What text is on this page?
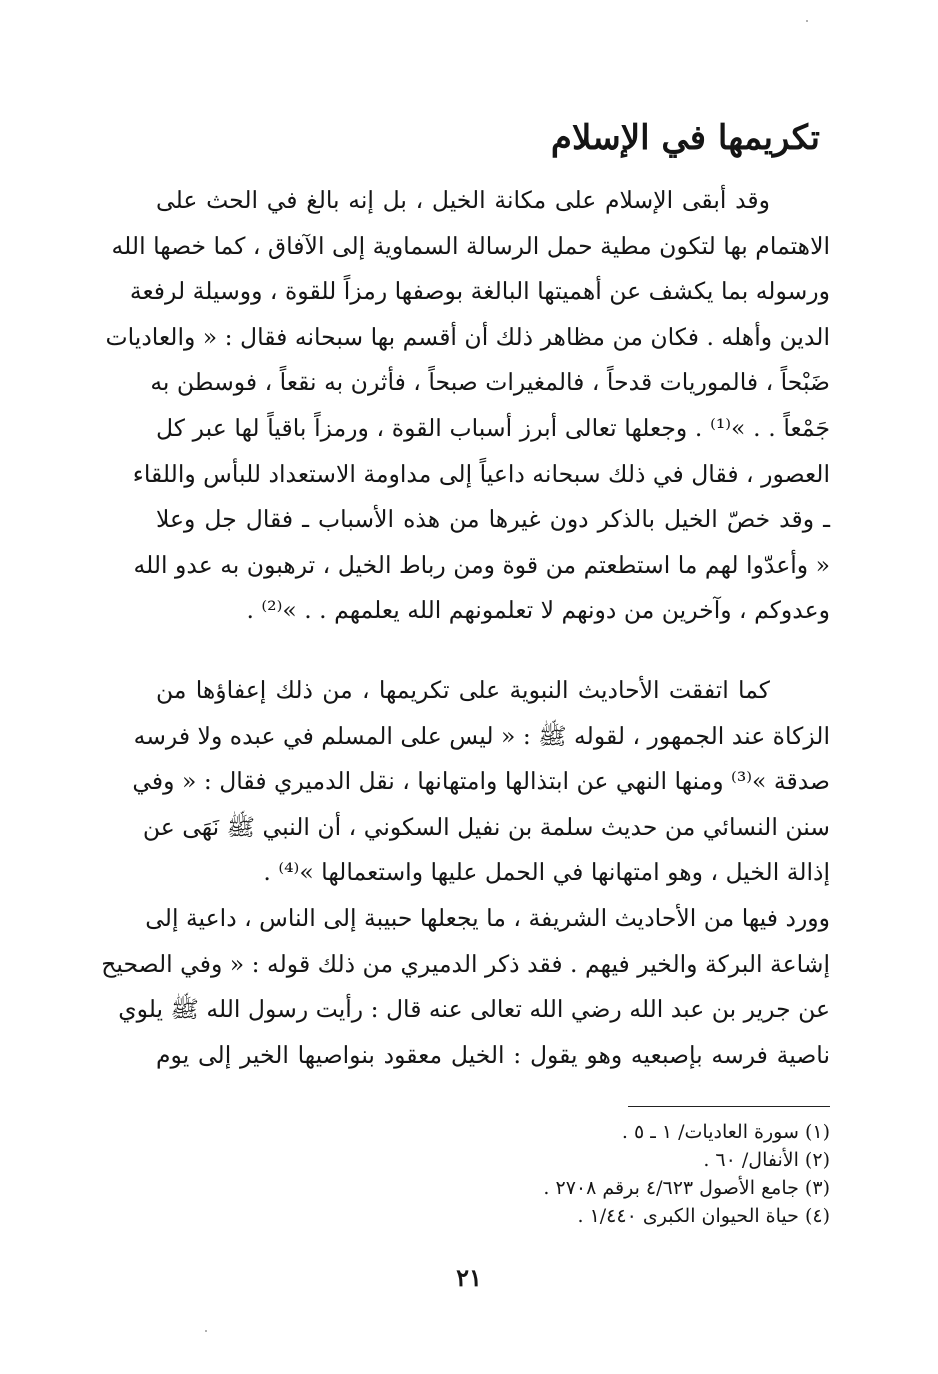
تكريمها في الإسلام
وقد أبقى الإسلام على مكانة الخيل ، بل إنه بالغ في الحث على
الاهتمام بها لتكون مطية حمل الرسالة السماوية إلى الآفاق ، كما خصها الله
ورسوله بما يكشف عن أهميتها البالغة بوصفها رمزاً للقوة ، ووسيلة لرفعة
الدين وأهله . فكان من مظاهر ذلك أن أقسم بها سبحانه فقال : « والعاديات
ضَبْحاً ، فالموريات قدحاً ، فالمغيرات صبحاً ، فأثرن به نقعاً ، فوسطن به
جَمْعاً . . »⁽¹⁾ . وجعلها تعالى أبرز أسباب القوة ، ورمزاً باقياً لها عبر كل
العصور ، فقال في ذلك سبحانه داعياً إلى مداومة الاستعداد للبأس واللقاء
ـ وقد خصّ الخيل بالذكر دون غيرها من هذه الأسباب ـ فقال جل وعلا
« وأعدّوا لهم ما استطعتم من قوة ومن رباط الخيل ، ترهبون به عدو الله
وعدوكم ، وآخرين من دونهم لا تعلمونهم الله يعلمهم . . »⁽²⁾ .
كما اتفقت الأحاديث النبوية على تكريمها ، من ذلك إعفاؤها من
الزكاة عند الجمهور ، لقوله ﷺ : « ليس على المسلم في عبده ولا فرسه
صدقة »⁽³⁾ ومنها النهي عن ابتذالها وامتهانها ، نقل الدميري فقال : « وفي
سنن النسائي من حديث سلمة بن نفيل السكوني ، أن النبي ﷺ نَهَى عن
إذالة الخيل ، وهو امتهانها في الحمل عليها واستعمالها »⁽⁴⁾ .
وورد فيها من الأحاديث الشريفة ، ما يجعلها حبيبة إلى الناس ، داعية إلى
إشاعة البركة والخير فيهم . فقد ذكر الدميري من ذلك قوله : « وفي الصحيح
عن جرير بن عبد الله رضي الله تعالى عنه قال : رأيت رسول الله ﷺ يلوي
ناصية فرسه بإصبعيه وهو يقول : الخيل معقود بنواصيها الخير إلى يوم
(١) سورة العاديات/ ١ ـ ٥ .
(٢) الأنفال/ ٦٠ .
(٣) جامع الأصول ٤/٦٢٣ برقم ٢٧٠٨ .
(٤) حياة الحيوان الكبرى ١/٤٤٠ .
٢١
